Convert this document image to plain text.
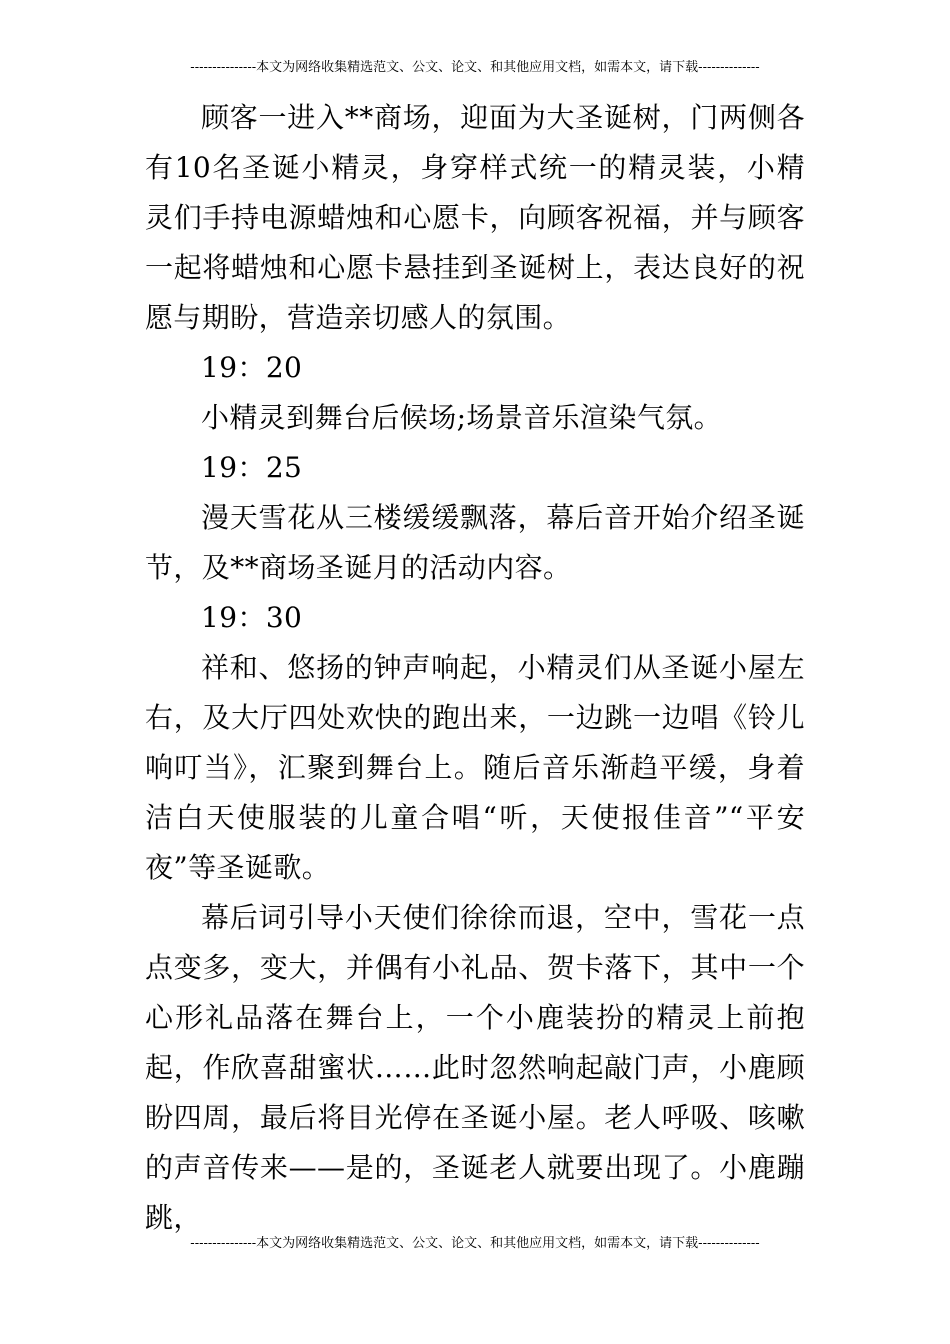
---------------本文为网络收集精选范文、公文、论文、和其他应用文档，如需本文，请下载--------------

顾客一进入**商场，迎面为大圣诞树，门两侧各有10名圣诞小精灵，身穿样式统一的精灵装，小精灵们手持电源蜡烛和心愿卡，向顾客祝福，并与顾客一起将蜡烛和心愿卡悬挂到圣诞树上，表达良好的祝愿与期盼，营造亲切感人的氛围。

19：20

小精灵到舞台后候场;场景音乐渲染气氛。

19：25

漫天雪花从三楼缓缓飘落，幕后音开始介绍圣诞节，及**商场圣诞月的活动内容。

19：30

祥和、悠扬的钟声响起，小精灵们从圣诞小屋左右，及大厅四处欢快的跑出来，一边跳一边唱《铃儿响叮当》，汇聚到舞台上。随后音乐渐趋平缓，身着洁白天使服装的儿童合唱“听，天使报佳音”“平安夜”等圣诞歌。

幕后词引导小天使们徐徐而退，空中，雪花一点点变多，变大，并偶有小礼品、贺卡落下，其中一个心形礼品落在舞台上，一个小鹿装扮的精灵上前抱起，作欣喜甜蜜状……此时忽然响起敲门声，小鹿顾盼四周，最后将目光停在圣诞小屋。老人呼吸、咳嗽的声音传来——是的，圣诞老人就要出现了。小鹿蹦跳，

---------------本文为网络收集精选范文、公文、论文、和其他应用文档，如需本文，请下载--------------
